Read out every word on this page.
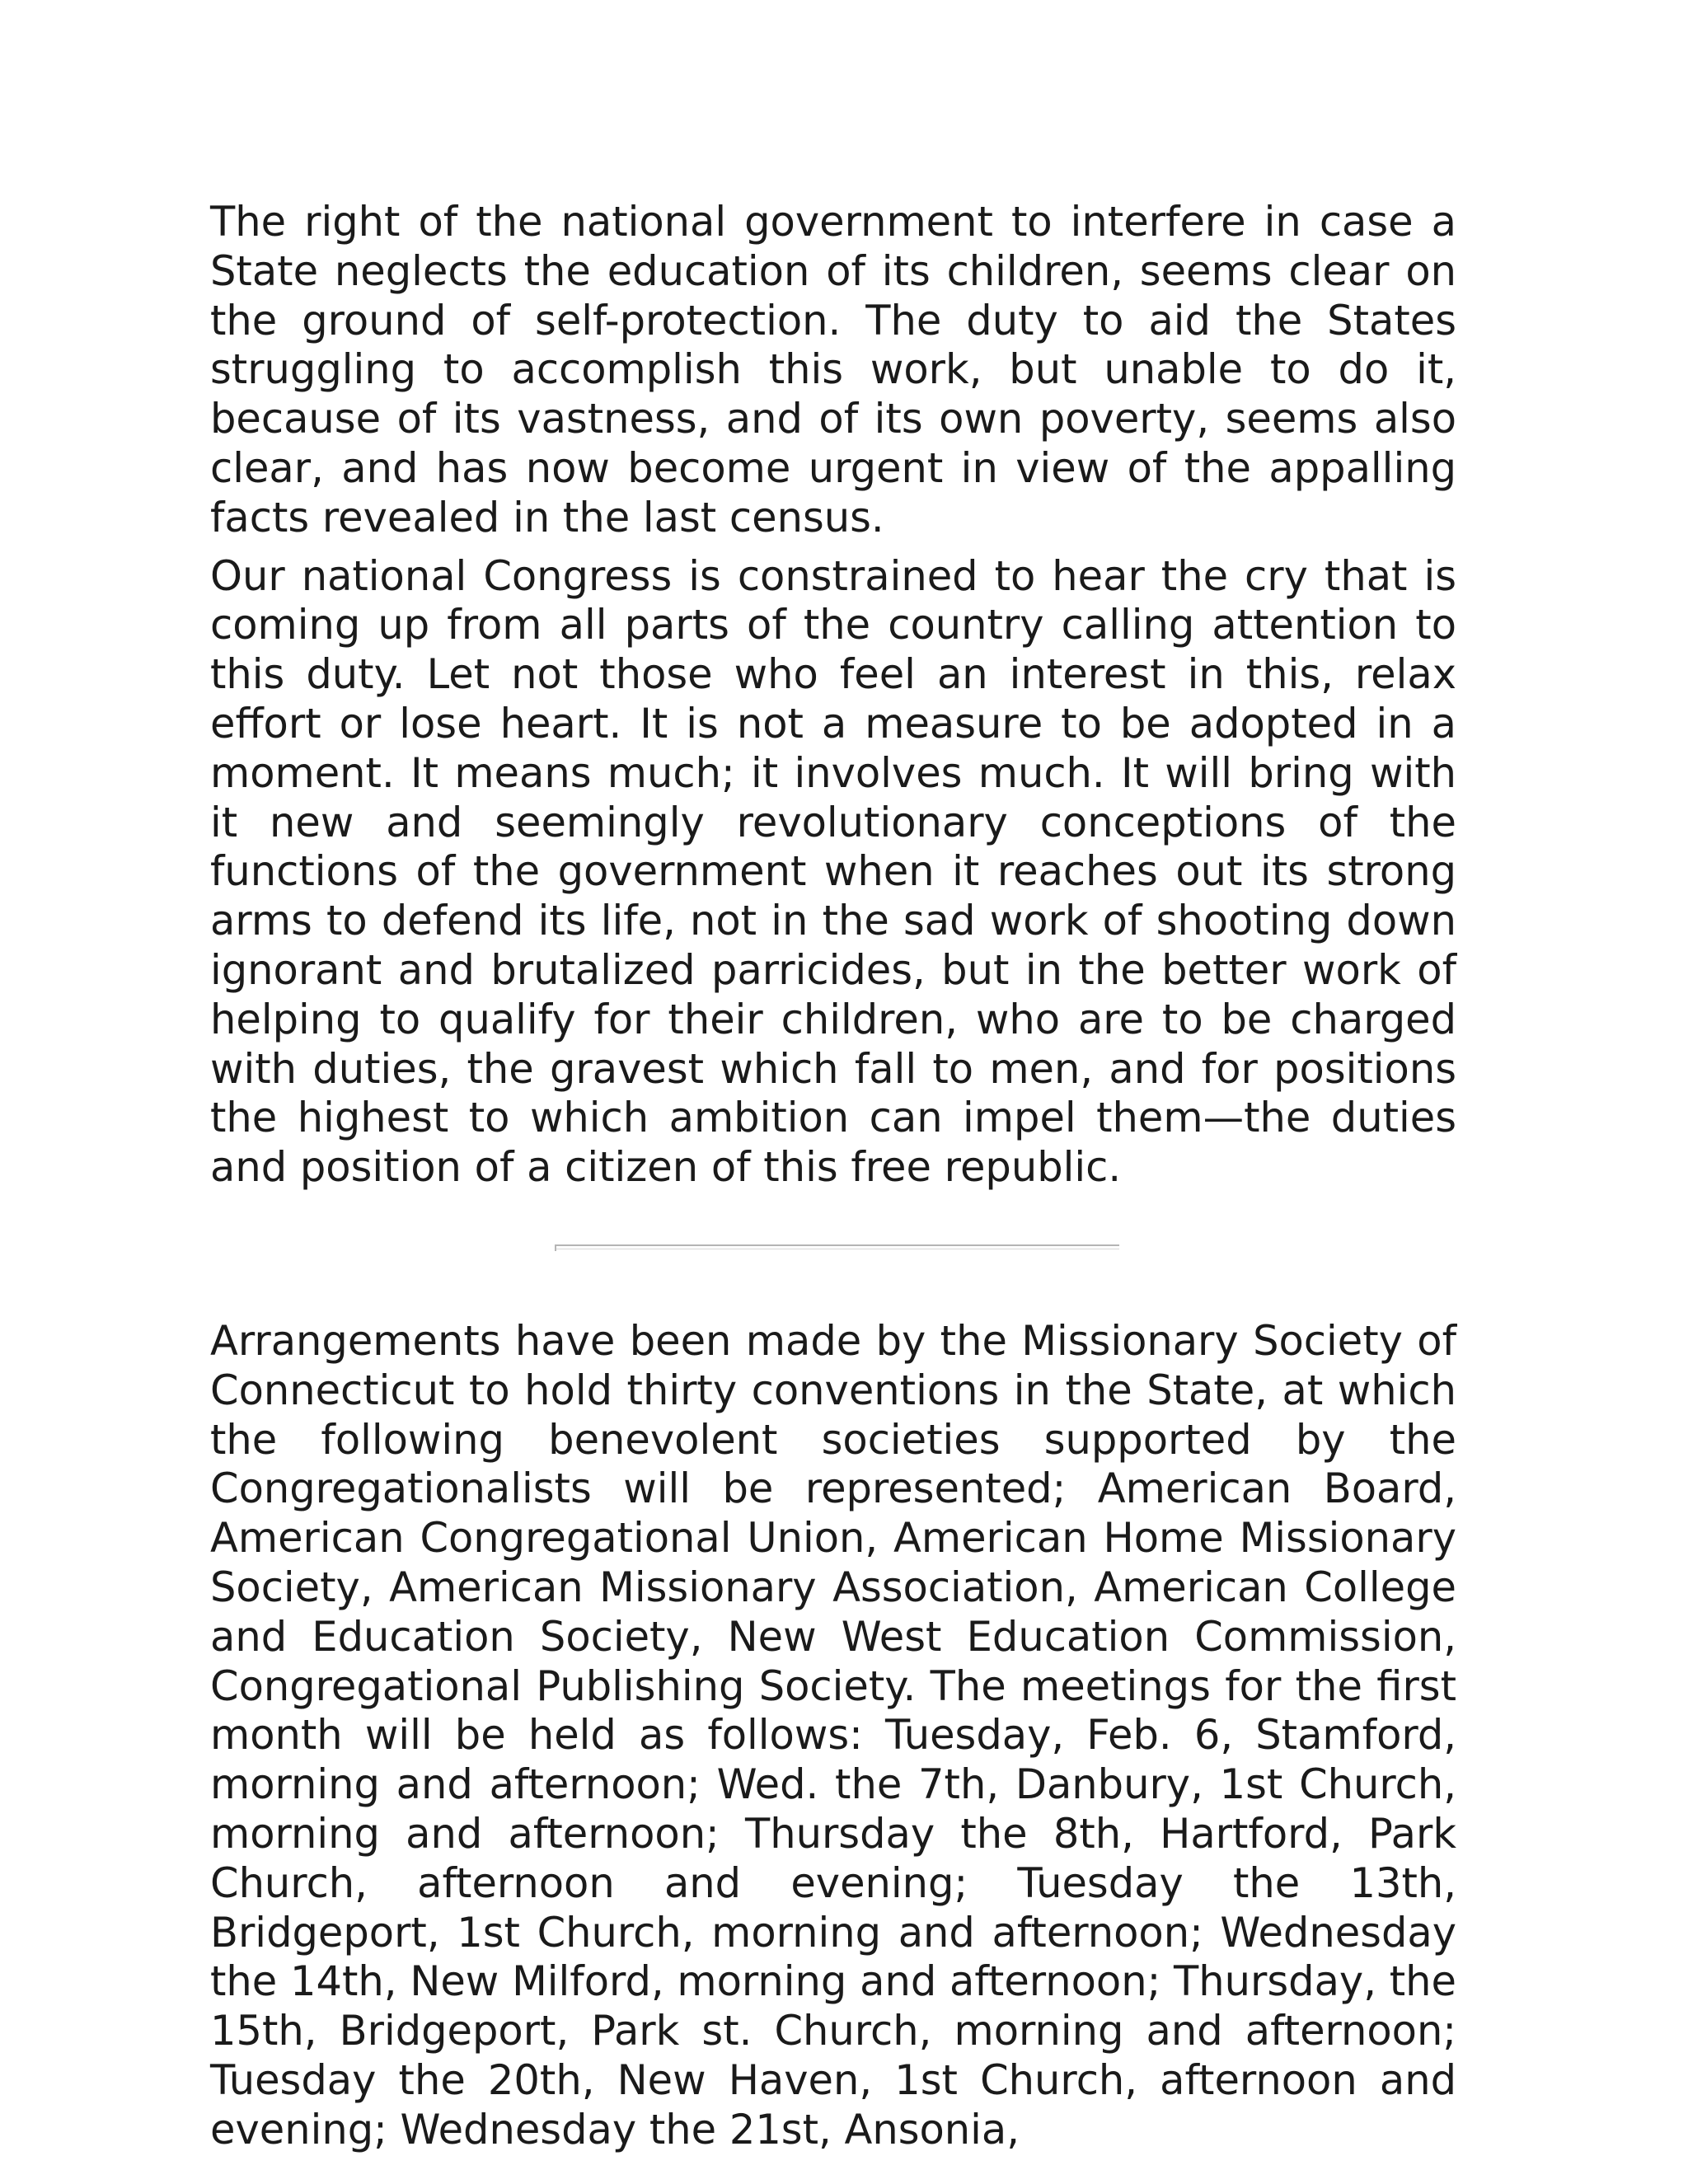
The right of the national government to interfere in case a State neglects the education of its children, seems clear on the ground of self-protection. The duty to aid the States struggling to accomplish this work, but unable to do it, because of its vastness, and of its own poverty, seems also clear, and has now become urgent in view of the appalling facts revealed in the last census.

Our national Congress is constrained to hear the cry that is coming up from all parts of the country calling attention to this duty. Let not those who feel an interest in this, relax effort or lose heart. It is not a measure to be adopted in a moment. It means much; it involves much. It will bring with it new and seemingly revolutionary conceptions of the functions of the government when it reaches out its strong arms to defend its life, not in the sad work of shooting down ignorant and brutalized parricides, but in the better work of helping to qualify for their children, who are to be charged with duties, the gravest which fall to men, and for positions the highest to which ambition can impel them—the duties and position of a citizen of this free republic.

Arrangements have been made by the Missionary Society of Connecticut to hold thirty conventions in the State, at which the following benevolent societies supported by the Congregationalists will be represented; American Board, American Congregational Union, American Home Missionary Society, American Missionary Association, American College and Education Society, New West Education Commission, Congregational Publishing Society. The meetings for the first month will be held as follows: Tuesday, Feb. 6, Stamford, morning and afternoon; Wed. the 7th, Danbury, 1st Church, morning and afternoon; Thursday the 8th, Hartford, Park Church, afternoon and evening; Tuesday the 13th, Bridgeport, 1st Church, morning and afternoon; Wednesday the 14th, New Milford, morning and afternoon; Thursday, the 15th, Bridgeport, Park st. Church, morning and afternoon; Tuesday the 20th, New Haven, 1st Church, afternoon and evening; Wednesday the 21st, Ansonia,
